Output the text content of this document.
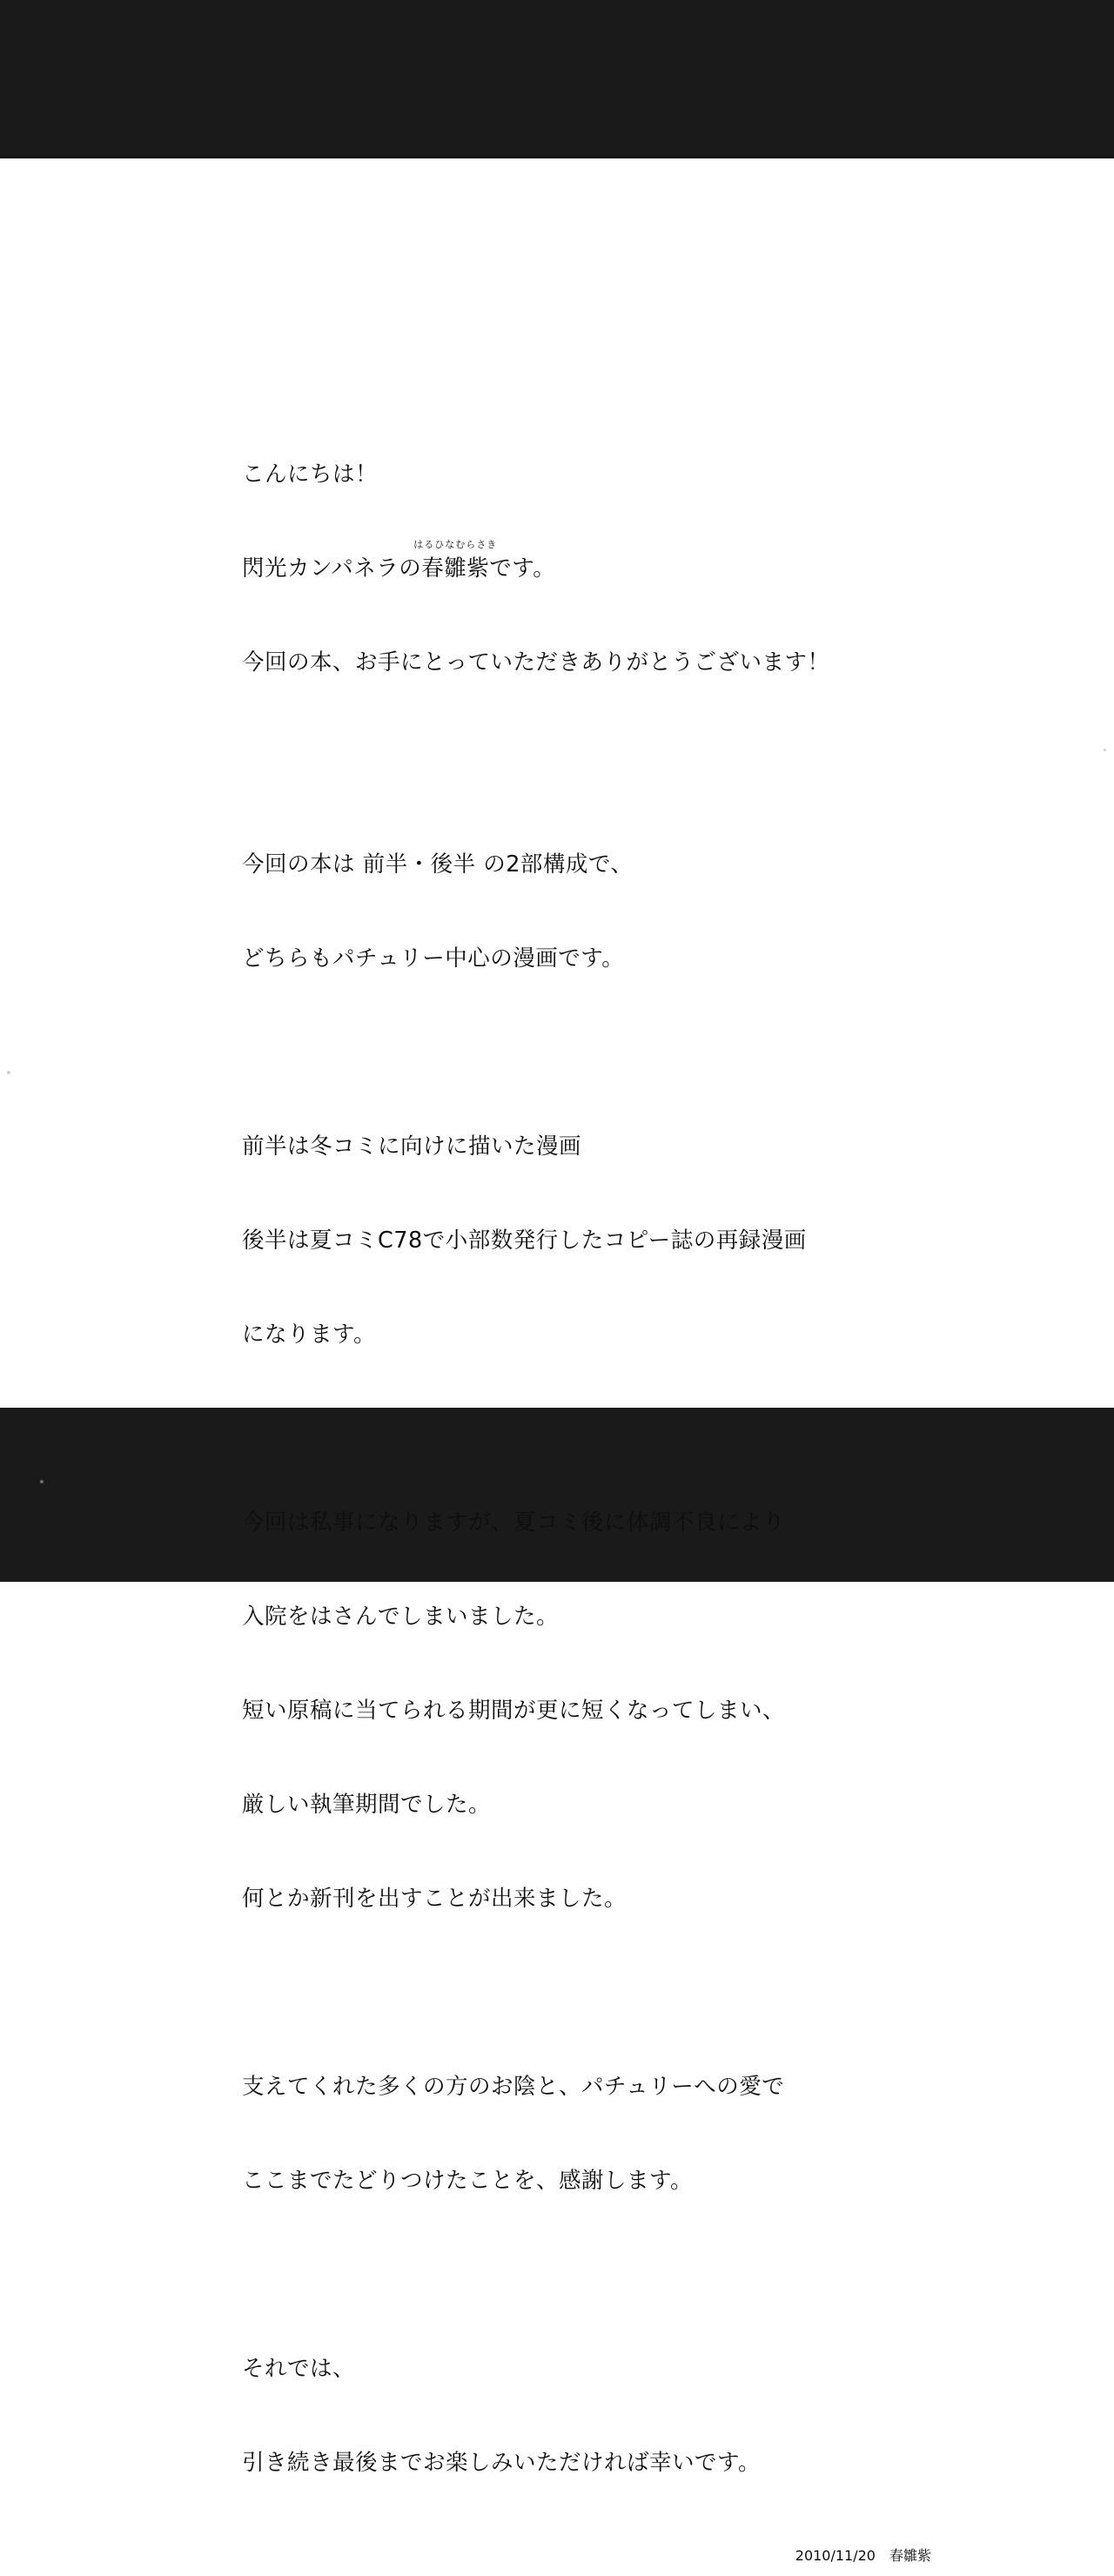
こんにちは！

閃光カンパネラの
はるひなむらさき
春雛紫です。

今回の本、お手にとっていただきありがとうございます！

今回の本は 前半・後半 の2部構成で、

どちらもパチュリー中心の漫画です。

前半は冬コミに向けに描いた漫画

後半は夏コミC78で小部数発行したコピー誌の再録漫画

になります。

今回は私事になりますが、夏コミ後に体調不良により

入院をはさんでしまいました。

短い原稿に当てられる期間が更に短くなってしまい、

厳しい執筆期間でした。

何とか新刊を出すことが出来ました。

支えてくれた多くの方のお陰と、パチュリーへの愛で

ここまでたどりつけたことを、感謝します。

それでは、

引き続き最後までお楽しみいただければ幸いです。

2010/11/20　春雛紫
